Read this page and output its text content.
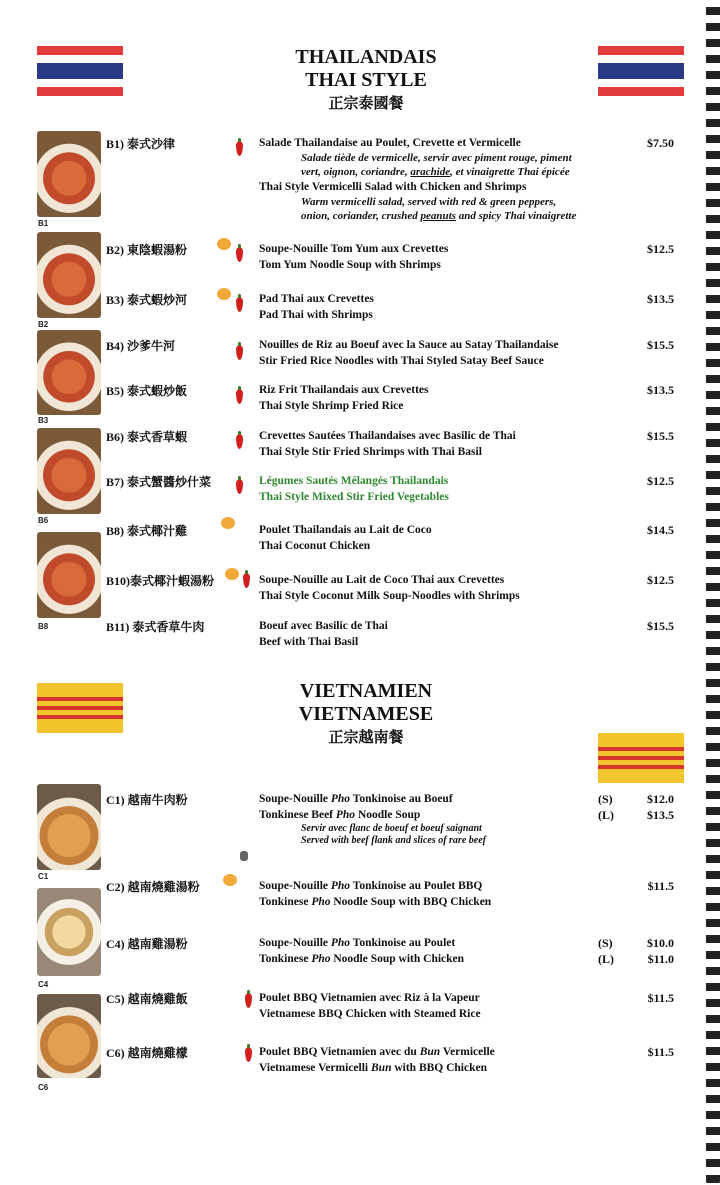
THAILANDAIS
THAI STYLE
正宗泰國餐
B1
B2
B3
B6
B8
B1) 泰式沙律	Salade Thailandaise au Poulet, Crevette et Vermicelle
Salade tiède de vermicelle, servir avec piment rouge, piment
vert, oignon, coriandre, arachide, et vinaigrette Thai épicée
Thai Style Vermicelli Salad with Chicken and Shrimps
Warm vermicelli salad, served with red & green peppers,
onion, coriander, crushed peanuts and spicy Thai vinaigrette
$7.50
B2) 東陰蝦湯粉	Soupe-Nouille Tom Yum aux Crevettes
Tom Yum Noodle Soup with Shrimps
$12.5
B3) 泰式蝦炒河	Pad Thai aux Crevettes
Pad Thai with Shrimps
$13.5
B4) 沙爹牛河	Nouilles de Riz au Boeuf avec la Sauce au Satay Thailandaise
Stir Fried Rice Noodles with Thai Styled Satay Beef Sauce
$15.5
B5) 泰式蝦炒飯	Riz Frit Thailandais aux Crevettes
Thai Style Shrimp Fried Rice
$13.5
B6) 泰式香草蝦	Crevettes Sautées Thailandaises avec Basilic de Thai
Thai Style Stir Fried Shrimps with Thai Basil
$15.5
B7) 泰式蟹醬炒什菜	Légumes Sautés Mélangés Thailandais
Thai Style Mixed Stir Fried Vegetables
$12.5
B8) 泰式椰汁雞	Poulet Thailandais au Lait de Coco
Thai Coconut Chicken
$14.5
B10)泰式椰汁蝦湯粉	Soupe-Nouille au Lait de Coco Thai aux Crevettes
Thai Style Coconut Milk Soup-Noodles with Shrimps
$12.5
B11) 泰式香草牛肉	Boeuf avec Basilic de Thai
Beef with Thai Basil
$15.5
VIETNAMIEN
VIETNAMESE
正宗越南餐
C1
C4
C6
C1) 越南牛肉粉	Soupe-Nouille Pho Tonkinoise au Boeuf
Tonkinese Beef Pho Noodle Soup
Servir avec flanc de boeuf et boeuf saignant
Served with beef flank and slices of rare beef
(S)
(L)
$12.0
$13.5
C2) 越南燒雞湯粉	Soupe-Nouille Pho Tonkinoise au Poulet BBQ
Tonkinese Pho Noodle Soup with BBQ Chicken
$11.5
C4) 越南雞湯粉	Soupe-Nouille Pho Tonkinoise au Poulet
Tonkinese Pho Noodle Soup with Chicken
(S)
(L)
$10.0
$11.0
C5) 越南燒雞飯	Poulet BBQ Vietnamien avec Riz à la Vapeur
Vietnamese BBQ Chicken with Steamed Rice
$11.5
C6) 越南燒雞檬	Poulet BBQ Vietnamien avec du Bun Vermicelle
Vietnamese Vermicelli Bun with BBQ Chicken
$11.5
